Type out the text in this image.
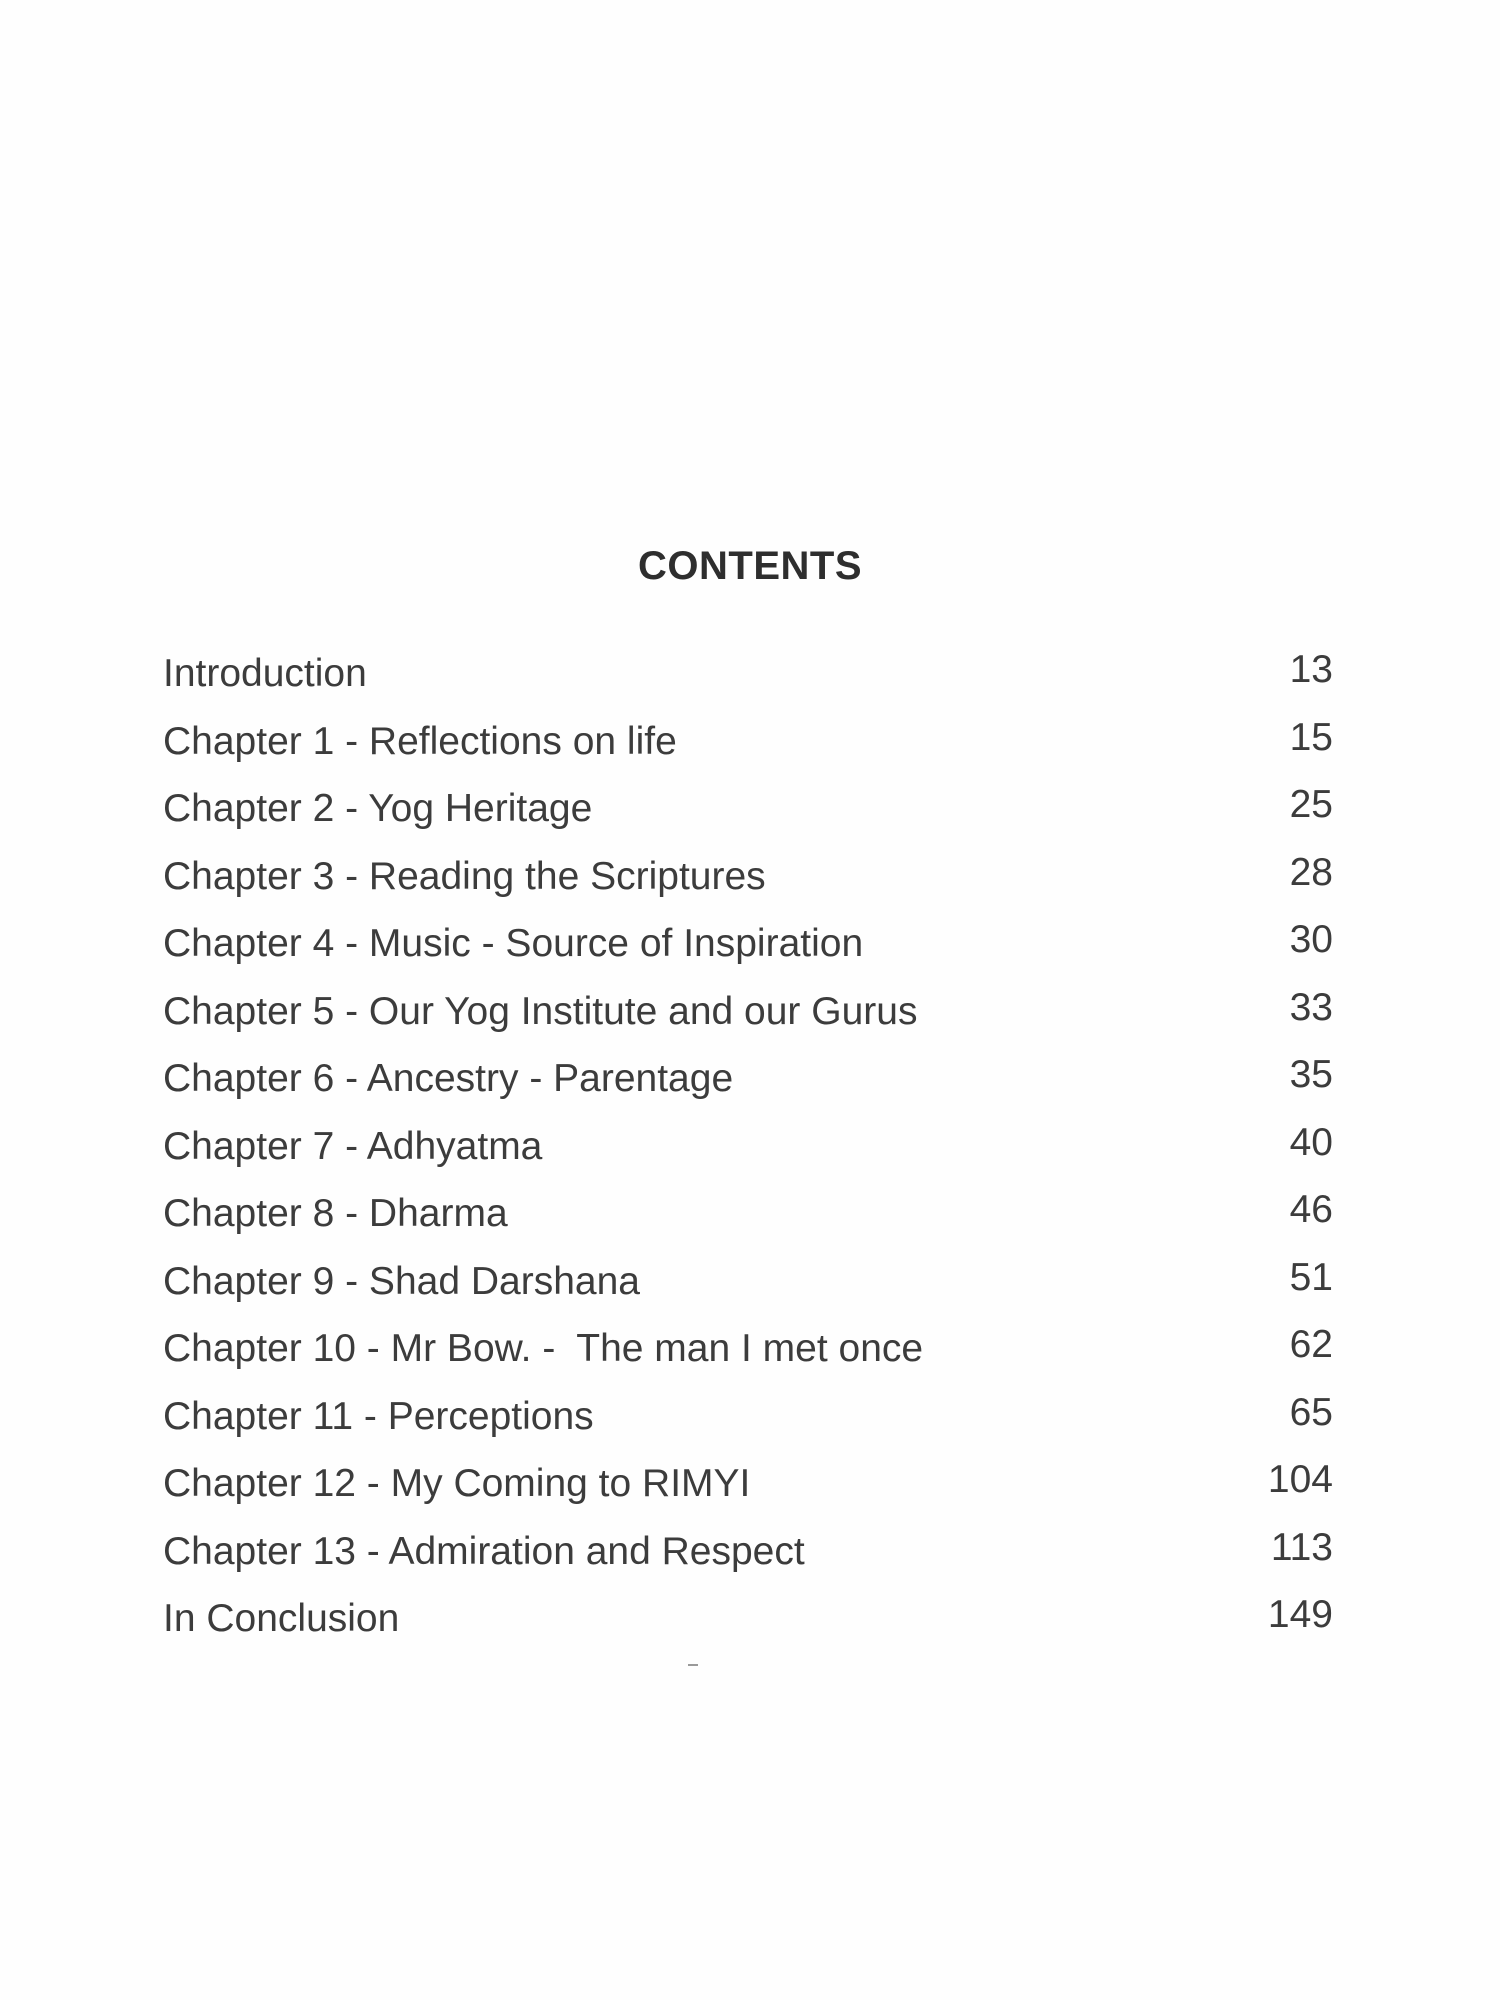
CONTENTS
Introduction	13
Chapter 1 - Reflections on life	15
Chapter 2 - Yog Heritage	25
Chapter 3 - Reading the Scriptures	28
Chapter 4 - Music - Source of Inspiration	30
Chapter 5 - Our Yog Institute and our Gurus	33
Chapter 6 - Ancestry - Parentage	35
Chapter 7 - Adhyatma	40
Chapter 8 - Dharma	46
Chapter 9 - Shad Darshana	51
Chapter 10 - Mr Bow. -  The man I met once	62
Chapter 11 - Perceptions	65
Chapter 12 - My Coming to RIMYI	104
Chapter 13 - Admiration and Respect	113
In Conclusion	149
